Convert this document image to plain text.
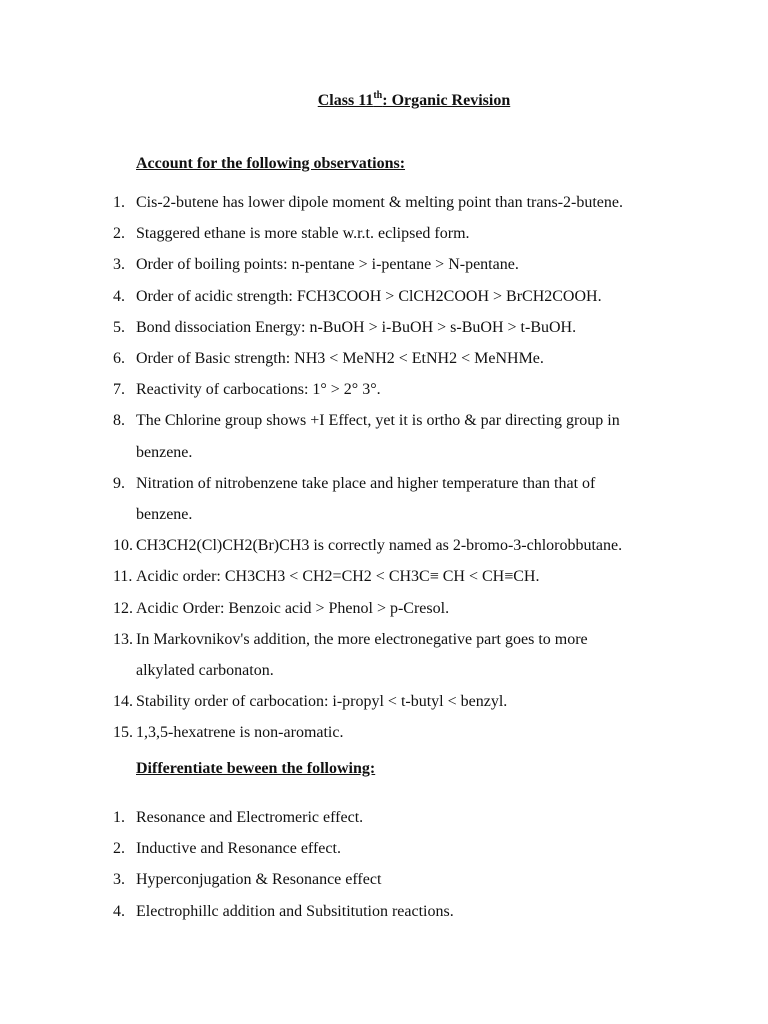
Class 11th: Organic Revision
Account for the following observations:
1. Cis-2-butene has lower dipole moment & melting point than trans-2-butene.
2. Staggered ethane is more stable w.r.t. eclipsed form.
3. Order of boiling points: n-pentane > i-pentane > N-pentane.
4. Order of acidic strength: FCH3COOH > ClCH2COOH > BrCH2COOH.
5. Bond dissociation Energy: n-BuOH > i-BuOH > s-BuOH > t-BuOH.
6. Order of Basic strength: NH3 < MeNH2 < EtNH2 < MeNHMe.
7. Reactivity of carbocations: 1° > 2° 3°.
8. The Chlorine group shows +I Effect, yet it is ortho & par directing group in
benzene.
9. Nitration of nitrobenzene take place and higher temperature than that of
benzene.
10. CH3CH2(Cl)CH2(Br)CH3 is correctly named as 2-bromo-3-chlorobbutane.
11. Acidic order: CH3CH3 < CH2=CH2 < CH3C≡ CH < CH≡CH.
12. Acidic Order: Benzoic acid > Phenol > p-Cresol.
13. In Markovnikov's addition, the more electronegative part goes to more
alkylated carbonaton.
14. Stability order of carbocation: i-propyl < t-butyl < benzyl.
15. 1,3,5-hexatrene is non-aromatic.
Differentiate beween the following:
1. Resonance and Electromeric effect.
2. Inductive and Resonance effect.
3. Hyperconjugation & Resonance effect
4. Electrophillc addition and Subsititution reactions.
